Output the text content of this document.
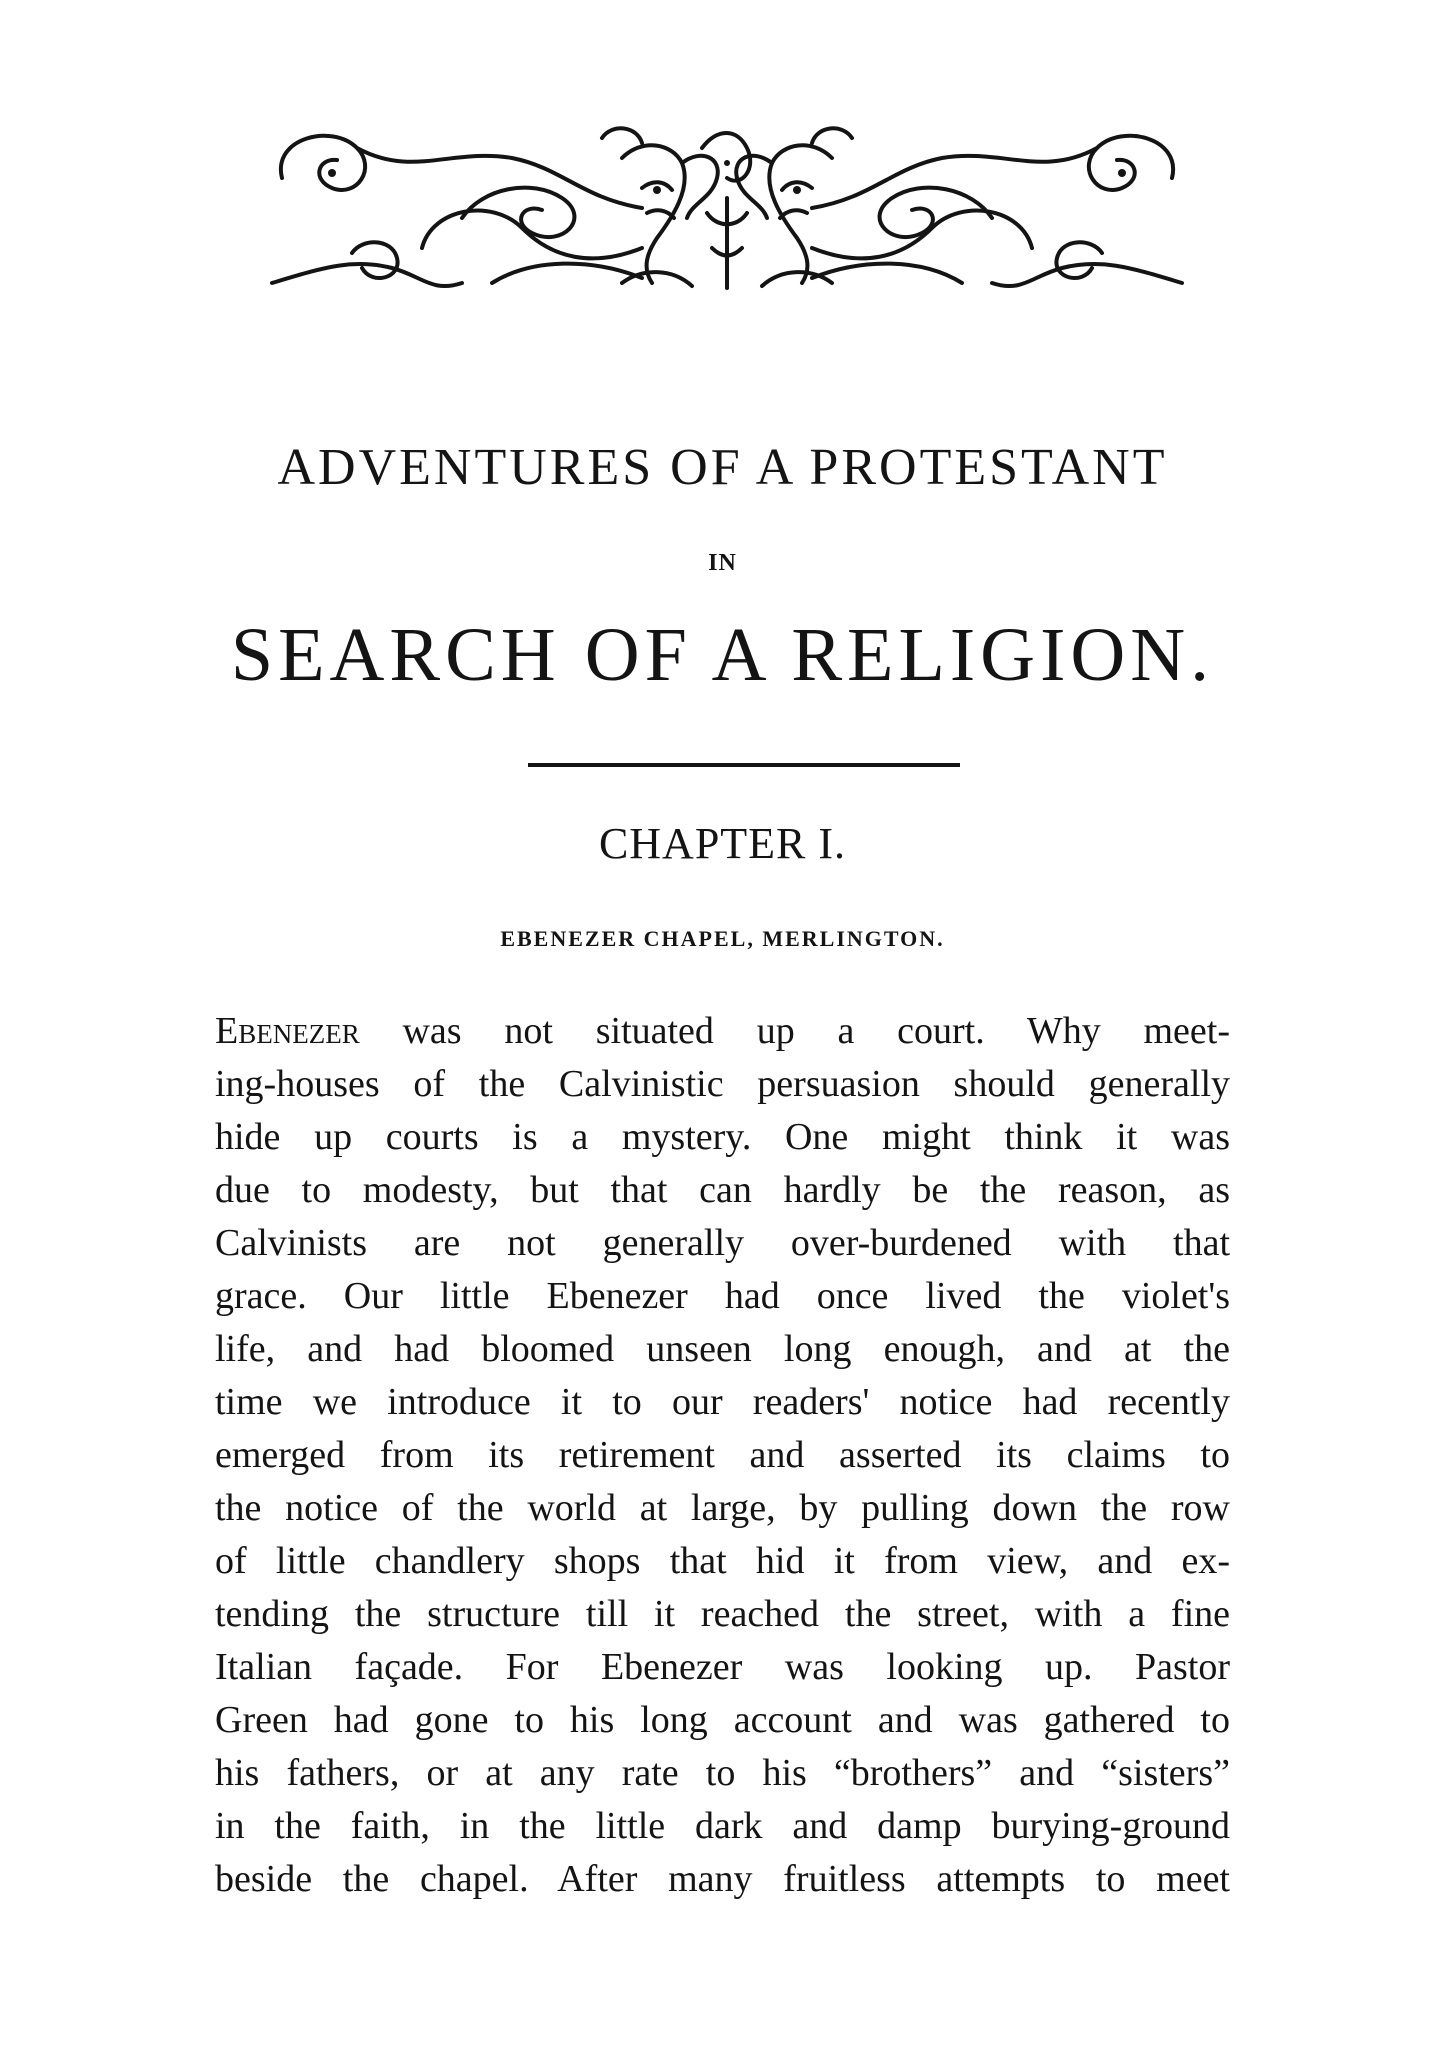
ADVENTURES OF A PROTESTANT
IN
SEARCH OF A RELIGION.
CHAPTER I.
EBENEZER CHAPEL, MERLINGTON.
Ebenezer was not situated up a court. Why meet-
ing-houses of the Calvinistic persuasion should generally
hide up courts is a mystery. One might think it was
due to modesty, but that can hardly be the reason, as
Calvinists are not generally over-burdened with that
grace. Our little Ebenezer had once lived the violet's
life, and had bloomed unseen long enough, and at the
time we introduce it to our readers' notice had recently
emerged from its retirement and asserted its claims to
the notice of the world at large, by pulling down the row
of little chandlery shops that hid it from view, and ex-
tending the structure till it reached the street, with a fine
Italian façade. For Ebenezer was looking up. Pastor
Green had gone to his long account and was gathered to
his fathers, or at any rate to his “brothers” and “sisters”
in the faith, in the little dark and damp burying-ground
beside the chapel. After many fruitless attempts to meet
